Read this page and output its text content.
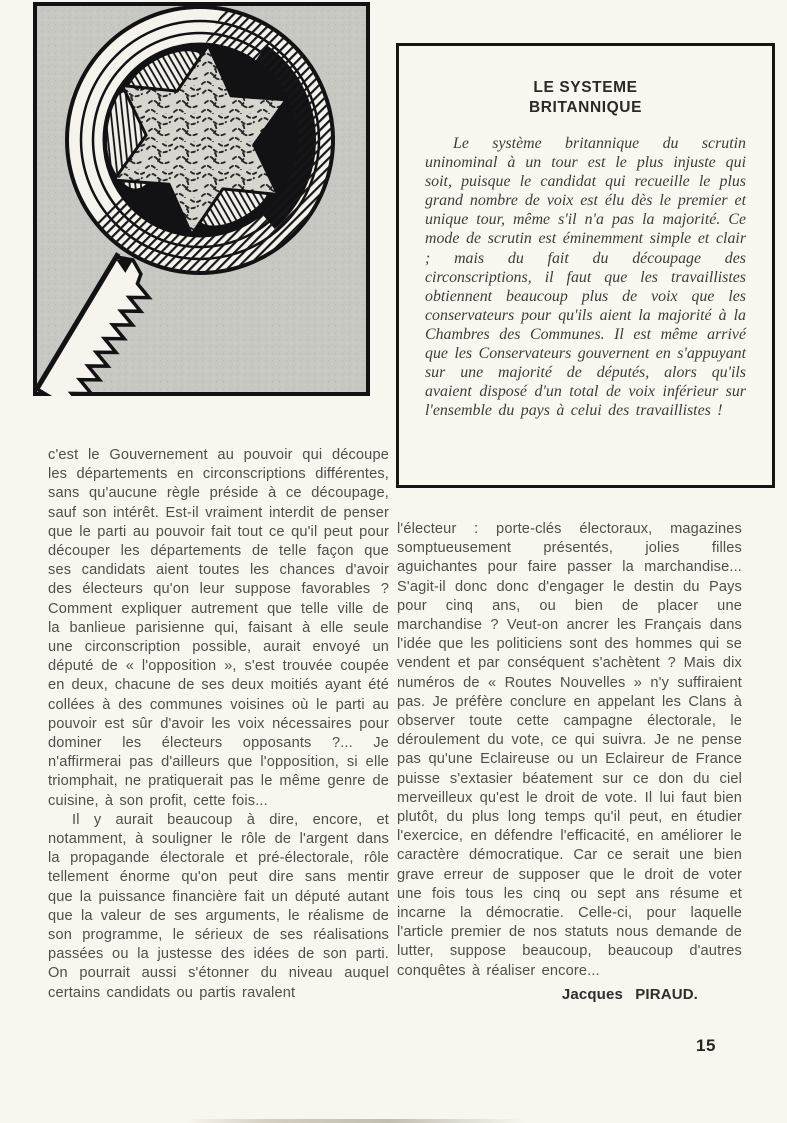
LE SYSTEME
BRITANNIQUE

Le système britannique du scrutin uninominal à un tour est le plus injuste qui soit, puisque le candidat qui recueille le plus grand nombre de voix est élu dès le premier et unique tour, même s'il n'a pas la majorité. Ce mode de scrutin est éminemment simple et clair ; mais du fait du découpage des circonscriptions, il faut que les travaillistes obtiennent beaucoup plus de voix que les conservateurs pour qu'ils aient la majorité à la Chambres des Communes. Il est même arrivé que les Conservateurs gouvernent en s'appuyant sur une majorité de députés, alors qu'ils avaient disposé d'un total de voix inférieur sur l'ensemble du pays à celui des travaillistes !

c'est le Gouvernement au pouvoir qui découpe les départements en circonscriptions différentes, sans qu'aucune règle préside à ce découpage, sauf son intérêt. Est-il vraiment interdit de penser que le parti au pouvoir fait tout ce qu'il peut pour découper les départements de telle façon que ses candidats aient toutes les chances d'avoir des électeurs qu'on leur suppose favorables ? Comment expliquer autrement que telle ville de la banlieue parisienne qui, faisant à elle seule une circonscription possible, aurait envoyé un député de « l'opposition », s'est trouvée coupée en deux, chacune de ses deux moitiés ayant été collées à des communes voisines où le parti au pouvoir est sûr d'avoir les voix nécessaires pour dominer les électeurs opposants ?... Je n'affirmerai pas d'ailleurs que l'opposition, si elle triomphait, ne pratiquerait pas le même genre de cuisine, à son profit, cette fois...

Il y aurait beaucoup à dire, encore, et notamment, à souligner le rôle de l'argent dans la propagande électorale et pré-électorale, rôle tellement énorme qu'on peut dire sans mentir que la puissance financière fait un député autant que la valeur de ses arguments, le réalisme de son programme, le sérieux de ses réalisations passées ou la justesse des idées de son parti. On pourrait aussi s'étonner du niveau auquel certains candidats ou partis ravalent

l'électeur : porte-clés électoraux, magazines somptueusement présentés, jolies filles aguichantes pour faire passer la marchandise... S'agit-il donc donc d'engager le destin du Pays pour cinq ans, ou bien de placer une marchandise ? Veut-on ancrer les Français dans l'idée que les politiciens sont des hommes qui se vendent et par conséquent s'achètent ? Mais dix numéros de « Routes Nouvelles » n'y suffiraient pas. Je préfère conclure en appelant les Clans à observer toute cette campagne électorale, le déroulement du vote, ce qui suivra. Je ne pense pas qu'une Eclaireuse ou un Eclaireur de France puisse s'extasier béatement sur ce don du ciel merveilleux qu'est le droit de vote. Il lui faut bien plutôt, du plus long temps qu'il peut, en étudier l'exercice, en défendre l'efficacité, en améliorer le caractère démocratique. Car ce serait une bien grave erreur de supposer que le droit de voter une fois tous les cinq ou sept ans résume et incarne la démocratie. Celle-ci, pour laquelle l'article premier de nos statuts nous demande de lutter, suppose beaucoup, beaucoup d'autres conquêtes à réaliser encore...

Jacques PIRAUD.
15
